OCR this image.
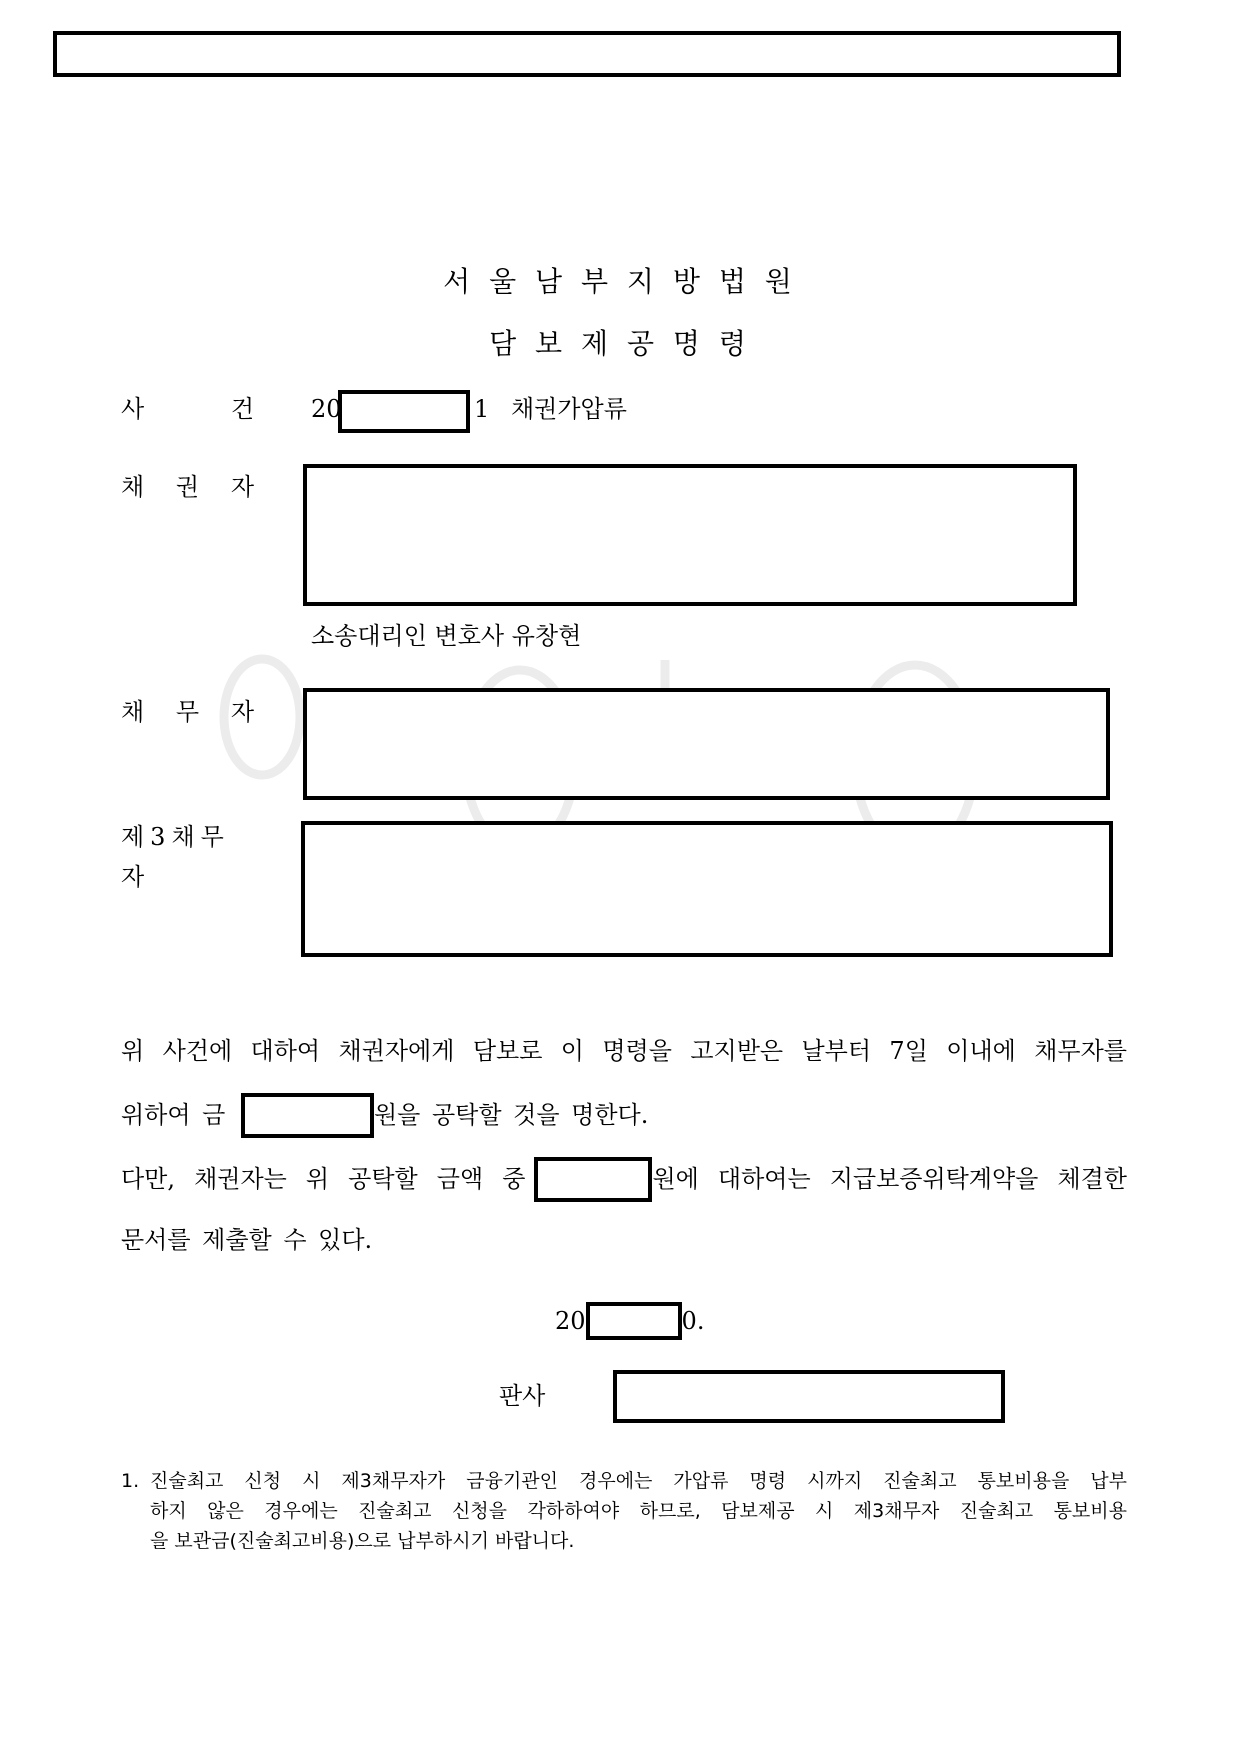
서 울 남 부 지 방 법 원
담 보 제 공 명 령
사 건 20	1 채권가압류
채 권 자
소송대리인 변호사 유창현
채 무 자
제3채무자
위 사건에 대하여 채권자에게 담보로 이 명령을 고지받은 날부터 7일 이내에 채무자를
위하여 금	원을 공탁할 것을 명한다.
다만, 채권자는 위 공탁할 금액 중	원에 대하여는 지급보증위탁계약을 체결한
문서를 제출할 수 있다.
20	0.
판사
1. 진술최고 신청 시 제3채무자가 금융기관인 경우에는 가압류 명령 시까지 진술최고 통보비용을 납부
하지 않은 경우에는 진술최고 신청을 각하하여야 하므로, 담보제공 시 제3채무자 진술최고 통보비용
을 보관금(진술최고비용)으로 납부하시기 바랍니다.
